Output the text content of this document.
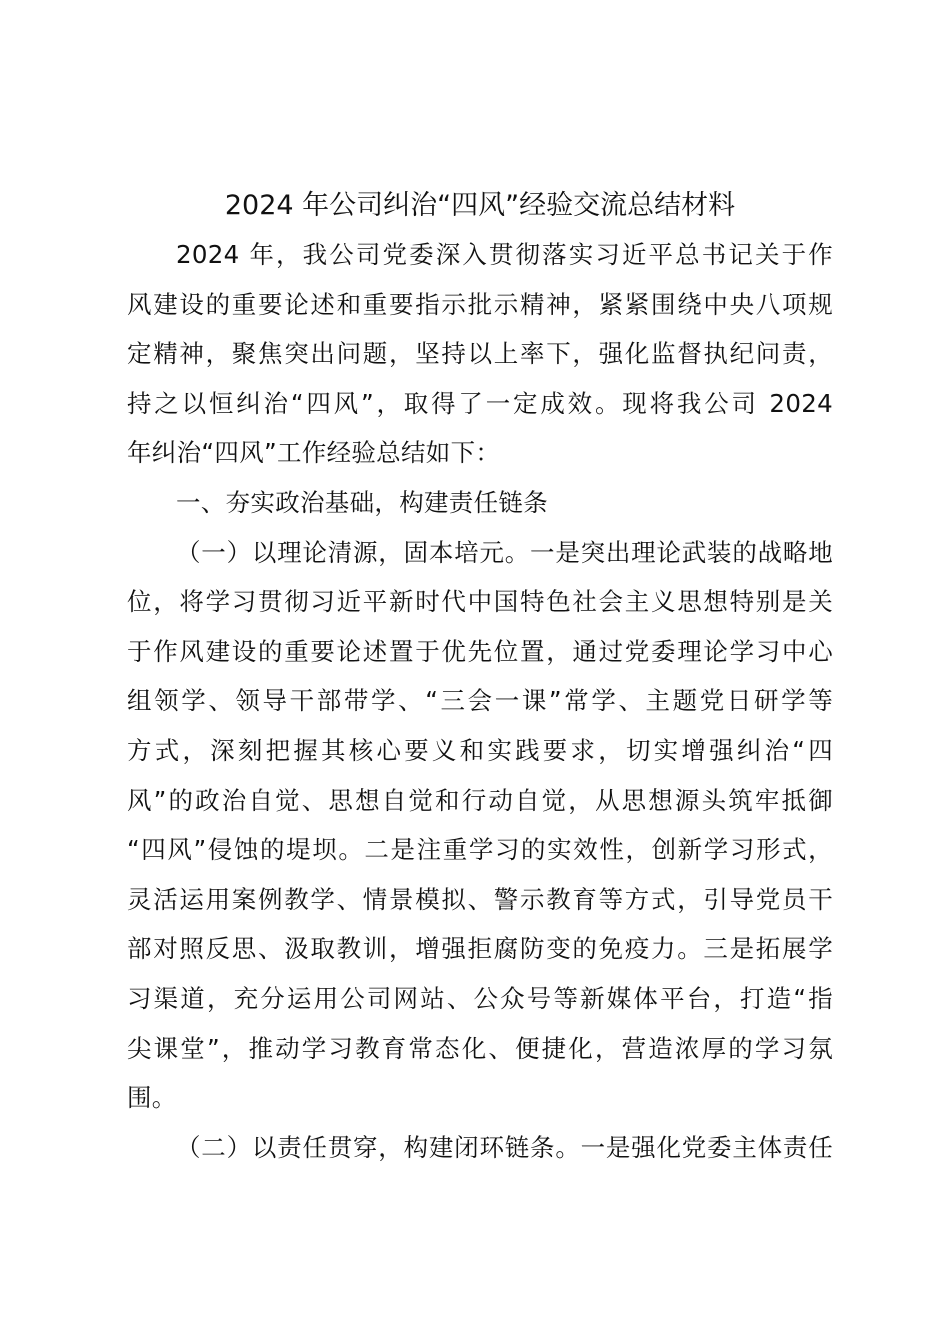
2024 年公司纠治“四风”经验交流总结材料
2024 年，我公司党委深入贯彻落实习近平总书记关于作
风建设的重要论述和重要指示批示精神，紧紧围绕中央八项规
定精神，聚焦突出问题，坚持以上率下，强化监督执纪问责，
持之以恒纠治“四风”，取得了一定成效。现将我公司 2024
年纠治“四风”工作经验总结如下：
一、夯实政治基础，构建责任链条
（一）以理论清源，固本培元。一是突出理论武装的战略地
位，将学习贯彻习近平新时代中国特色社会主义思想特别是关
于作风建设的重要论述置于优先位置，通过党委理论学习中心
组领学、领导干部带学、“三会一课”常学、主题党日研学等
方式，深刻把握其核心要义和实践要求，切实增强纠治“四
风”的政治自觉、思想自觉和行动自觉，从思想源头筑牢抵御
“四风”侵蚀的堤坝。二是注重学习的实效性，创新学习形式，
灵活运用案例教学、情景模拟、警示教育等方式，引导党员干
部对照反思、汲取教训，增强拒腐防变的免疫力。三是拓展学
习渠道，充分运用公司网站、公众号等新媒体平台，打造“指
尖课堂”，推动学习教育常态化、便捷化，营造浓厚的学习氛
围。
（二）以责任贯穿，构建闭环链条。一是强化党委主体责任
